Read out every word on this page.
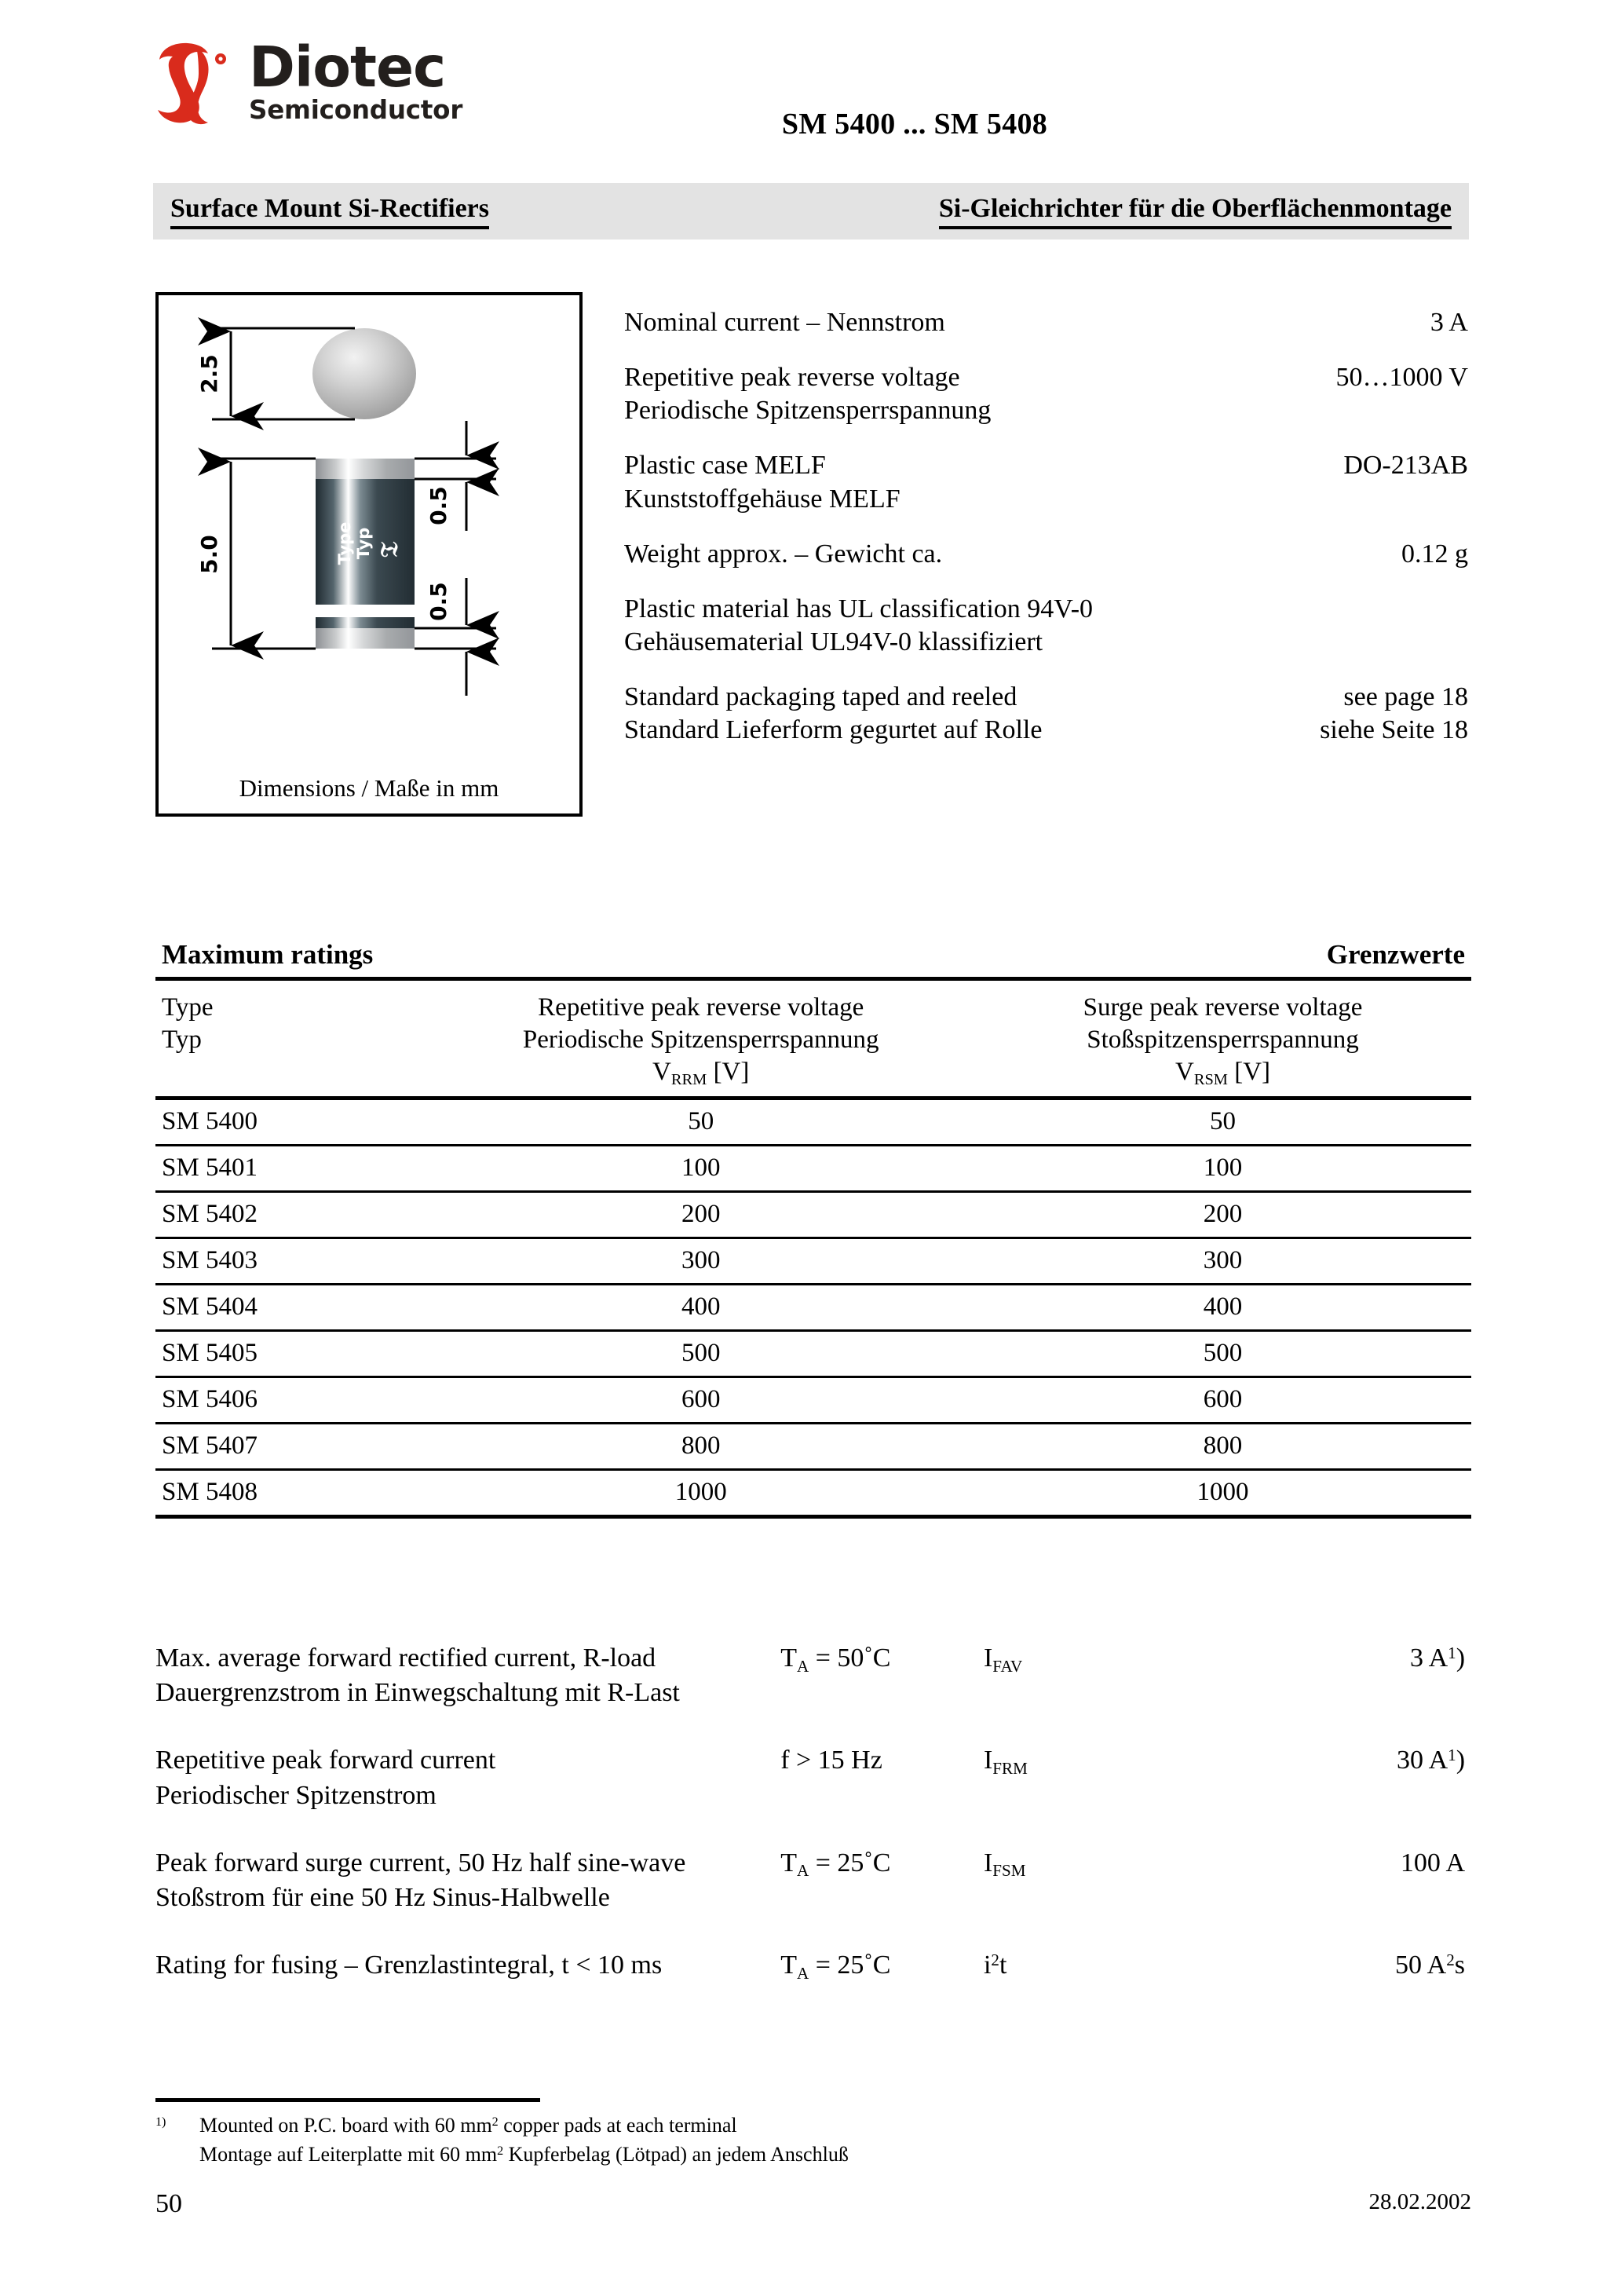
Diotec
Semiconductor	SM 5400 ... SM 5408
Surface Mount Si-Rectifiers	Si-Gleichrichter für die Oberflächenmontage
Type Typ 𝔗
2.5
5.0
0.5
0.5
Dimensions / Maße in mm
Nominal current – Nennstrom	3 A
Repetitive peak reverse voltage	50…1000 V
Periodische Spitzensperrspannung
Plastic case MELF	DO-213AB
Kunststoffgehäuse MELF
Weight approx. – Gewicht ca.	0.12 g
Plastic material has UL classification 94V-0
Gehäusematerial UL94V-0 klassifiziert
Standard packaging taped and reeled	see page 18
Standard Lieferform gegurtet auf Rolle	siehe Seite 18
Maximum ratings	Grenzwerte
Type
Typ
Repetitive peak reverse voltage
Periodische Spitzensperrspannung
$V_{RRM}$ [V]
Surge peak reverse voltage
Stoßspitzensperrspannung
$V_{RSM}$ [V]
SM 5400	50	50
SM 5401	100	100
SM 5402	200	200
SM 5403	300	300
SM 5404	400	400
SM 5405	500	500
SM 5406	600	600
SM 5407	800	800
SM 5408	1000	1000
Max. average forward rectified current, R-load
Dauergrenzstrom in Einwegschaltung mit R-Last
$T_A$ = 50˚C	$I_{FAV}$	3 $A^1$)
Repetitive peak forward current
Periodischer Spitzenstrom
f > 15 Hz	$I_{FRM}$	30 $A^1$)
Peak forward surge current, 50 Hz half sine-wave
Stoßstrom für eine 50 Hz Sinus-Halbwelle
$T_A$ = 25˚C	$I_{FSM}$	100 A
Rating for fusing – Grenzlastintegral, t < 10 ms	$T_A$ = 25˚C	$i^2t$	50 $A^2s$
$^{1)}$	Mounted on P.C. board with 60 $mm^2$ copper pads at each terminal
Montage auf Leiterplatte mit 60 $mm^2$ Kupferbelag (Lötpad) an jedem Anschluß
50	28.02.2002
